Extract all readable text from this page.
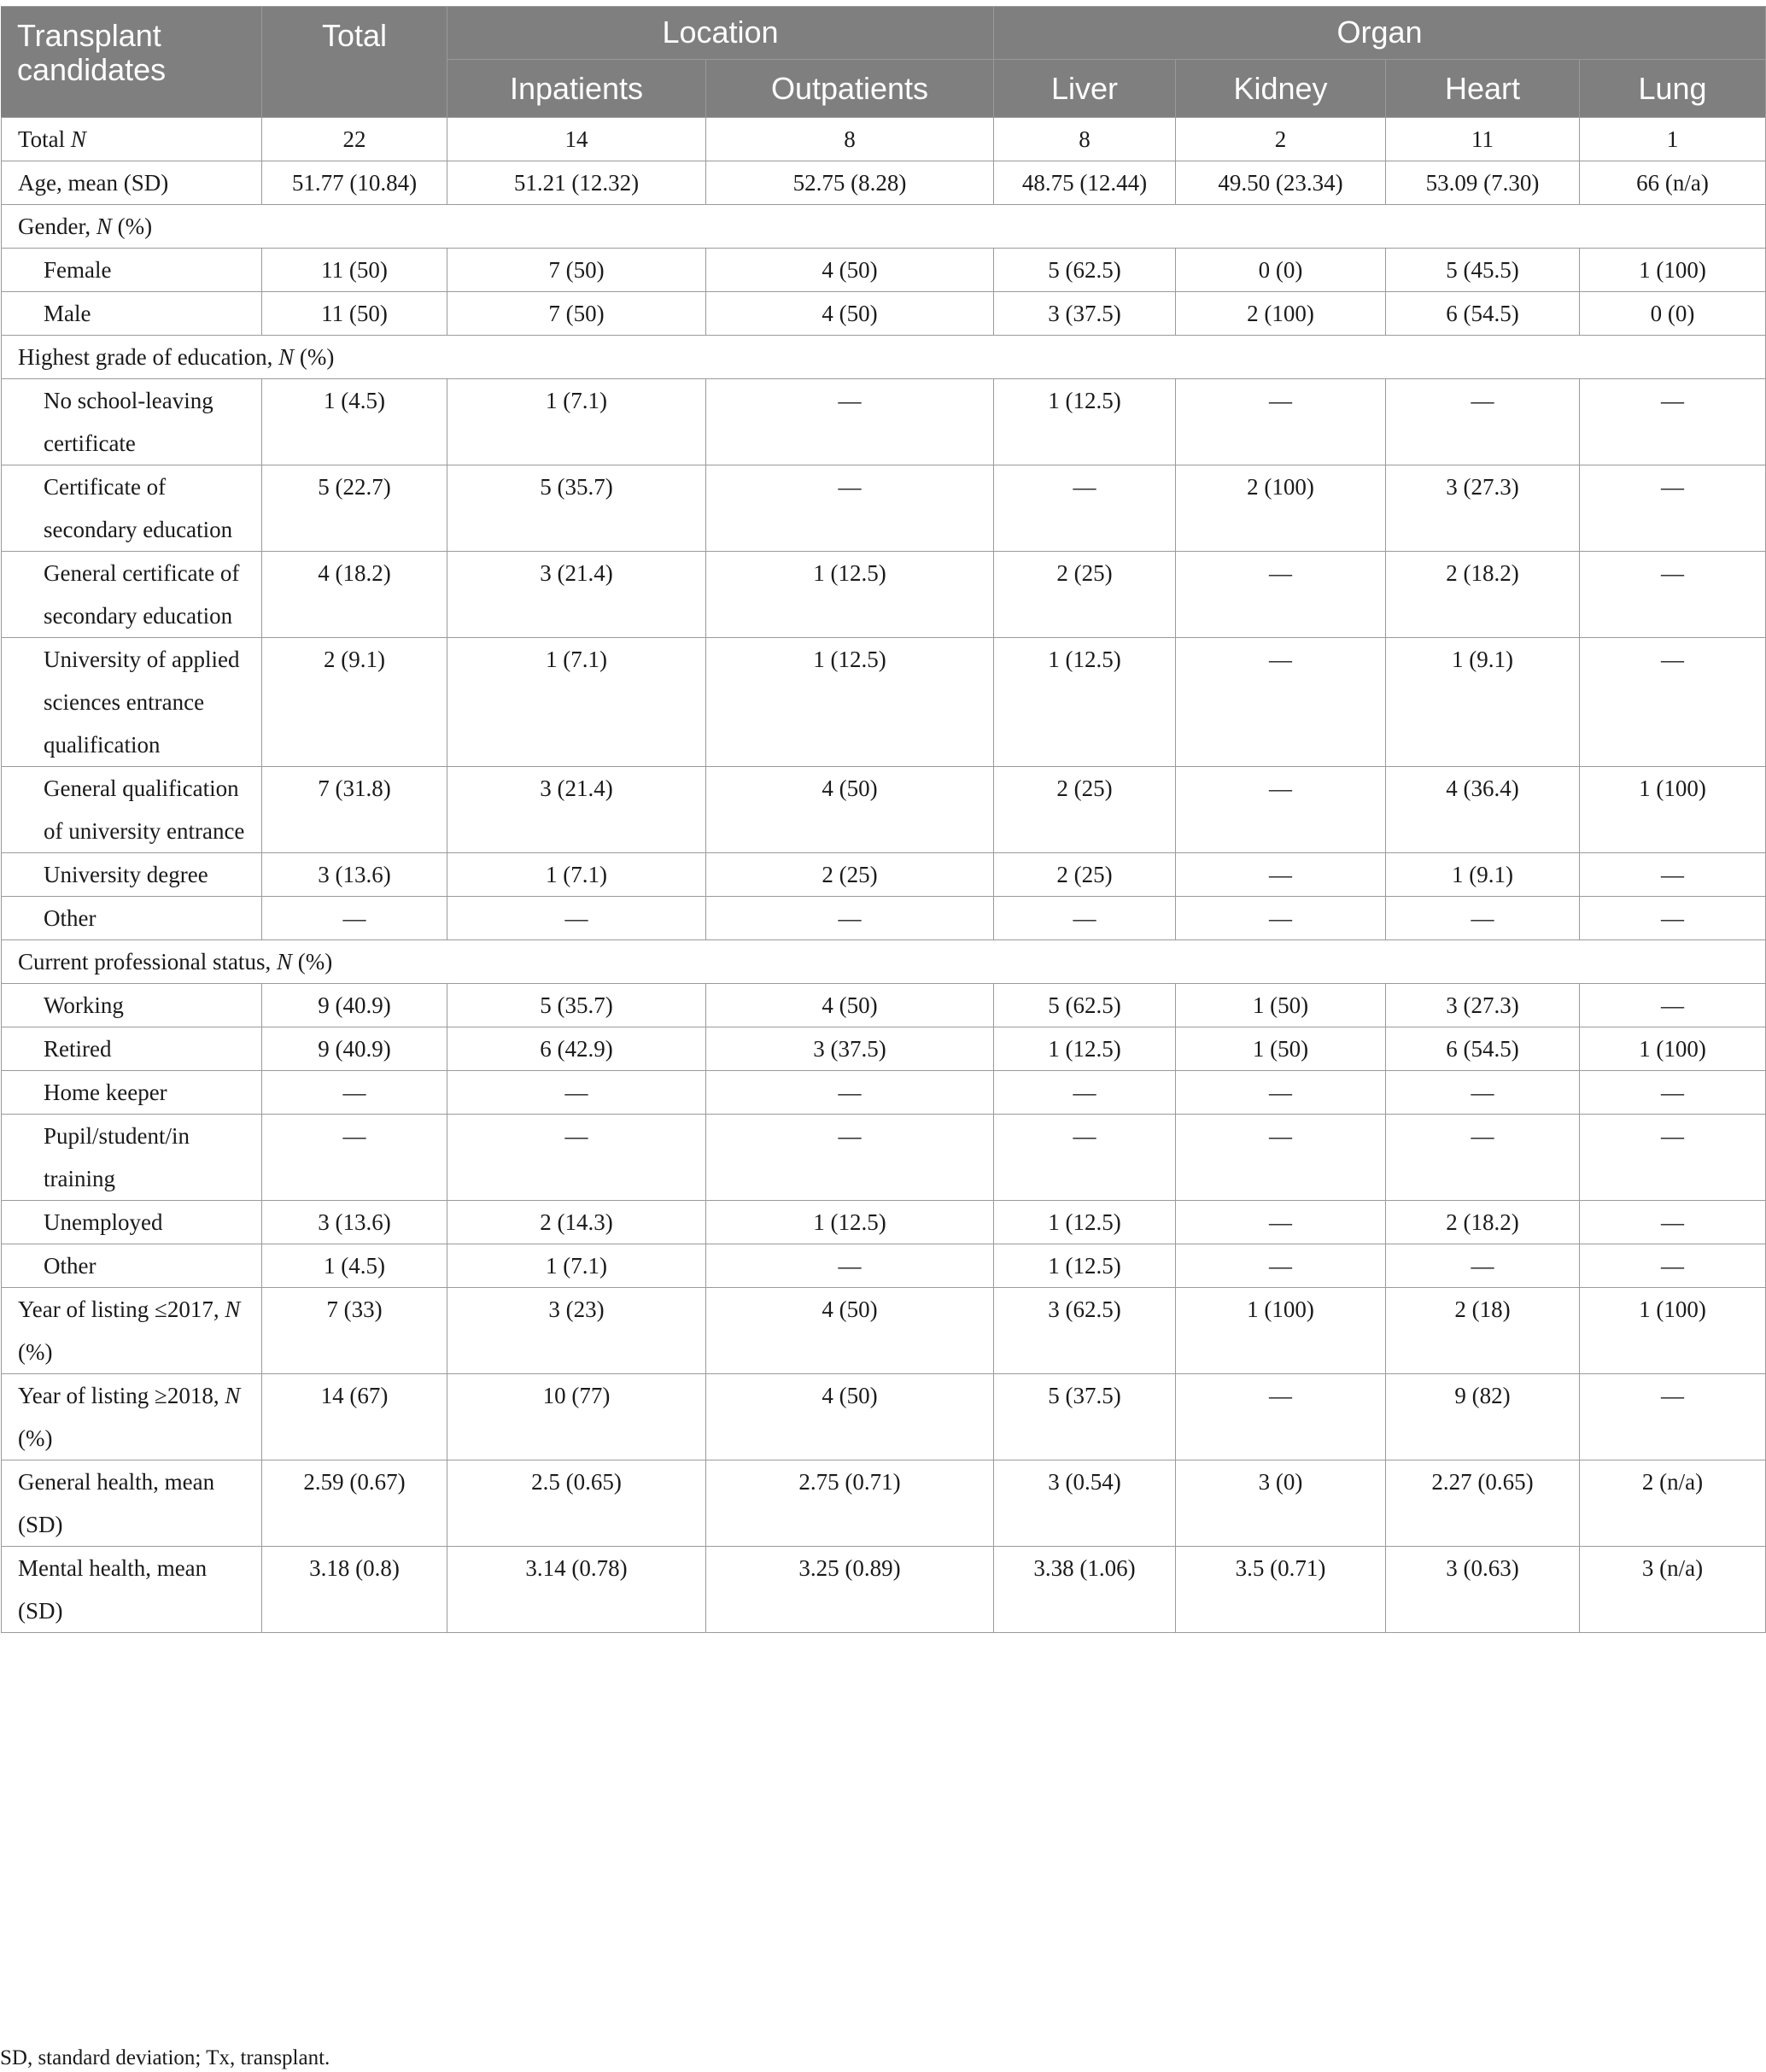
Transplant candidates	Total	Location		Organ			
		Inpatients	Outpatients	Liver	Kidney	Heart	Lung
Total N	22	14	8	8	2	11	1
Age, mean (SD)	51.77 (10.84)	51.21 (12.32)	52.75 (8.28)	48.75 (12.44)	49.50 (23.34)	53.09 (7.30)	66 (n/a)
Gender, N (%)							
Female	11 (50)	7 (50)	4 (50)	5 (62.5)	0 (0)	5 (45.5)	1 (100)
Male	11 (50)	7 (50)	4 (50)	3 (37.5)	2 (100)	6 (54.5)	0 (0)
Highest grade of education, N (%)							
No school-leaving certificate	1 (4.5)	1 (7.1)	—	1 (12.5)	—	—	—
Certificate of secondary education	5 (22.7)	5 (35.7)	—	—	2 (100)	3 (27.3)	—
General certificate of secondary education	4 (18.2)	3 (21.4)	1 (12.5)	2 (25)	—	2 (18.2)	—
University of applied sciences entrance qualification	2 (9.1)	1 (7.1)	1 (12.5)	1 (12.5)	—	1 (9.1)	—
General qualification of university entrance	7 (31.8)	3 (21.4)	4 (50)	2 (25)	—	4 (36.4)	1 (100)
University degree	3 (13.6)	1 (7.1)	2 (25)	2 (25)	—	1 (9.1)	—
Other	—	—	—	—	—	—	—
Current professional status, N (%)							
Working	9 (40.9)	5 (35.7)	4 (50)	5 (62.5)	1 (50)	3 (27.3)	—
Retired	9 (40.9)	6 (42.9)	3 (37.5)	1 (12.5)	1 (50)	6 (54.5)	1 (100)
Home keeper	—	—	—	—	—	—	—
Pupil/student/in training	—	—	—	—	—	—	—
Unemployed	3 (13.6)	2 (14.3)	1 (12.5)	1 (12.5)	—	2 (18.2)	—
Other	1 (4.5)	1 (7.1)	—	1 (12.5)	—	—	—
Year of listing ≤2017, N (%)	7 (33)	3 (23)	4 (50)	3 (62.5)	1 (100)	2 (18)	1 (100)
Year of listing ≥2018, N (%)	14 (67)	10 (77)	4 (50)	5 (37.5)	—	9 (82)	—
General health, mean (SD)	2.59 (0.67)	2.5 (0.65)	2.75 (0.71)	3 (0.54)	3 (0)	2.27 (0.65)	2 (n/a)
Mental health, mean (SD)	3.18 (0.8)	3.14 (0.78)	3.25 (0.89)	3.38 (1.06)	3.5 (0.71)	3 (0.63)	3 (n/a)
SD, standard deviation; Tx, transplant.
